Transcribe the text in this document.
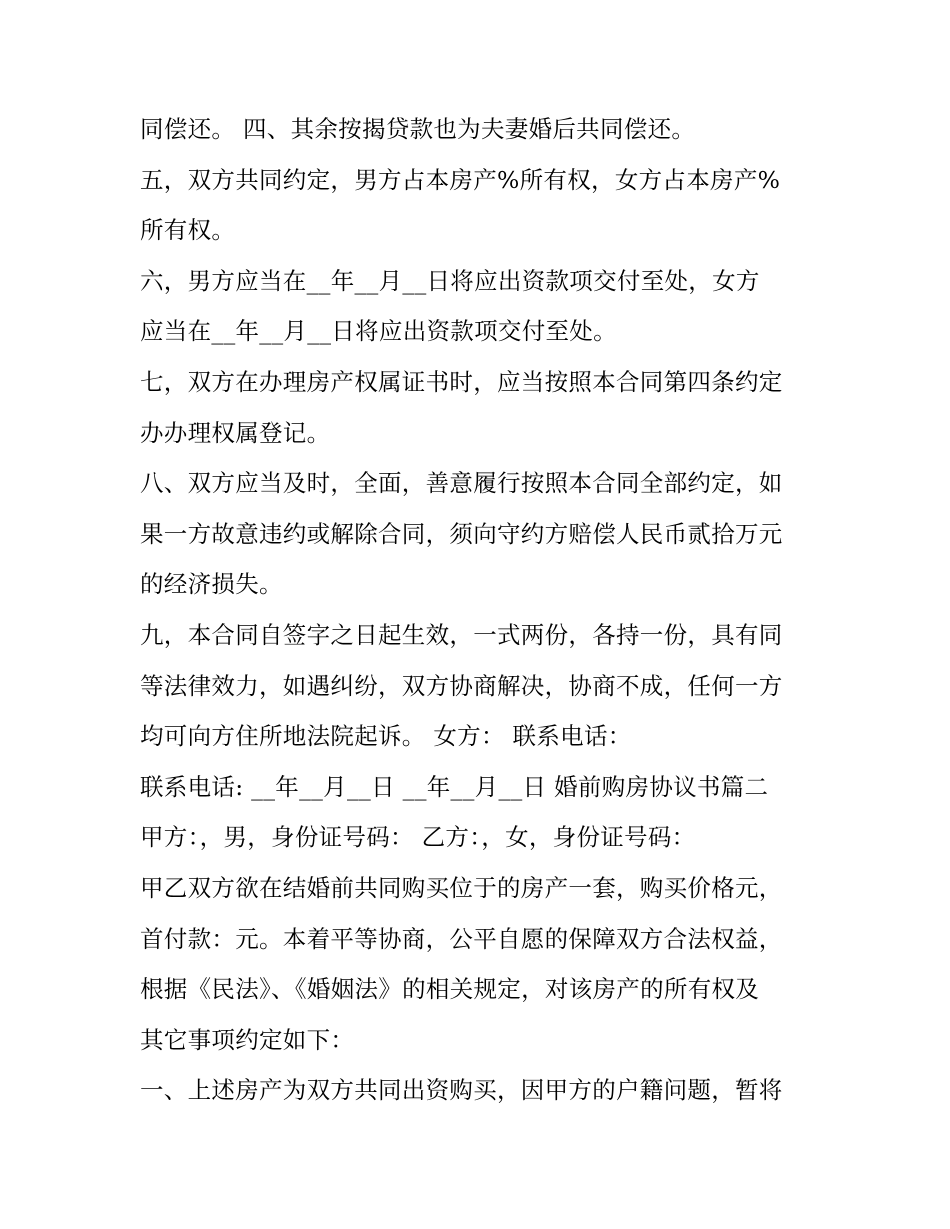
同偿还。 四、其余按揭贷款也为夫妻婚后共同偿还。
五，双方共同约定，男方占本房产%所有权，女方占本房产%
所有权。
六，男方应当在__年__月__日将应出资款项交付至处，女方
应当在__年__月__日将应出资款项交付至处。
七，双方在办理房产权属证书时，应当按照本合同第四条约定
办办理权属登记。
八、双方应当及时，全面，善意履行按照本合同全部约定，如
果一方故意违约或解除合同，须向守约方赔偿人民币贰拾万元
的经济损失。
九，本合同自签字之日起生效，一式两份，各持一份，具有同
等法律效力，如遇纠纷，双方协商解决，协商不成，任何一方
均可向方住所地法院起诉。 女方： 联系电话：
联系电话: __年__月__日 __年__月__日 婚前购房协议书篇二
甲方：，男，身份证号码： 乙方：，女，身份证号码：
甲乙双方欲在结婚前共同购买位于的房产一套，购买价格元，
首付款：元。本着平等协商，公平自愿的保障双方合法权益，
根据《民法》、《婚姻法》的相关规定，对该房产的所有权及
其它事项约定如下：
一、上述房产为双方共同出资购买，因甲方的户籍问题，暂将
